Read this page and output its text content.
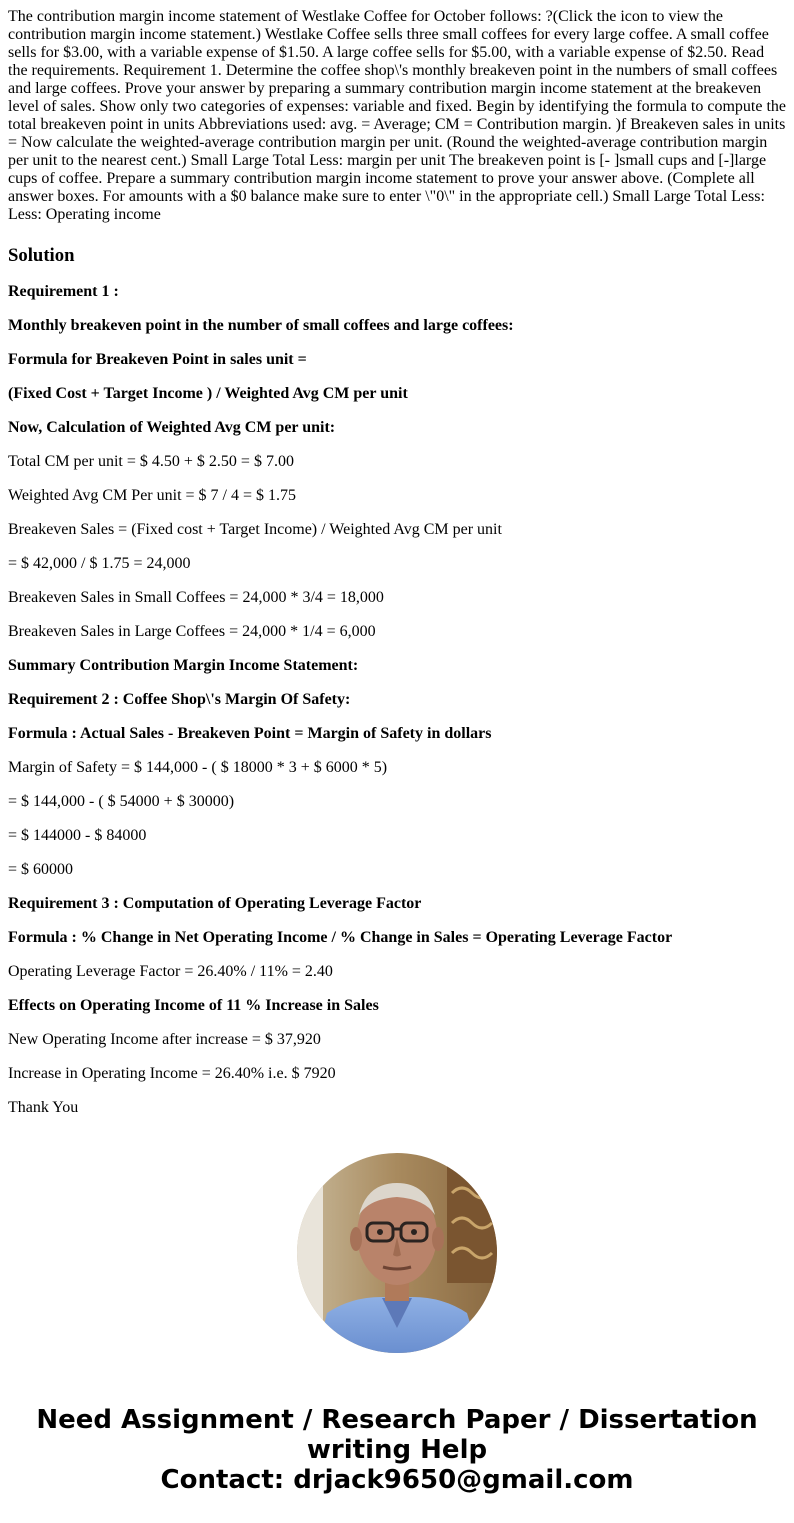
The contribution margin income statement of Westlake Coffee for October follows: ?(Click the icon to view the contribution margin income statement.) Westlake Coffee sells three small coffees for every large coffee. A small coffee sells for $3.00, with a variable expense of $1.50. A large coffee sells for $5.00, with a variable expense of $2.50. Read the requirements. Requirement 1. Determine the coffee shop\'s monthly breakeven point in the numbers of small coffees and large coffees. Prove your answer by preparing a summary contribution margin income statement at the breakeven level of sales. Show only two categories of expenses: variable and fixed. Begin by identifying the formula to compute the total breakeven point in units Abbreviations used: avg. = Average; CM = Contribution margin. )f Breakeven sales in units = Now calculate the weighted-average contribution margin per unit. (Round the weighted-average contribution margin per unit to the nearest cent.) Small Large Total Less: margin per unit The breakeven point is [- ]small cups and [-]large cups of coffee. Prepare a summary contribution margin income statement to prove your answer above. (Complete all answer boxes. For amounts with a $0 balance make sure to enter \"0\" in the appropriate cell.) Small Large Total Less: Less: Operating income

Solution

Requirement 1 :

Monthly breakeven point in the number of small coffees and large coffees:

Formula for Breakeven Point in sales unit =

(Fixed Cost + Target Income ) / Weighted Avg CM per unit

Now, Calculation of Weighted Avg CM per unit:

Total CM per unit = $ 4.50 + $ 2.50 = $ 7.00

Weighted Avg CM Per unit = $ 7 / 4 = $ 1.75

Breakeven Sales = (Fixed cost + Target Income) / Weighted Avg CM per unit

= $ 42,000 / $ 1.75 = 24,000

Breakeven Sales in Small Coffees = 24,000 * 3/4 = 18,000

Breakeven Sales in Large Coffees = 24,000 * 1/4 = 6,000

Summary Contribution Margin Income Statement:

Requirement 2 : Coffee Shop\'s Margin Of Safety:

Formula : Actual Sales - Breakeven Point = Margin of Safety in dollars

Margin of Safety = $ 144,000 - ( $ 18000 * 3 + $ 6000 * 5)

= $ 144,000 - ( $ 54000 + $ 30000)

= $ 144000 - $ 84000

= $ 60000

Requirement 3 : Computation of Operating Leverage Factor

Formula : % Change in Net Operating Income / % Change in Sales = Operating Leverage Factor

Operating Leverage Factor = 26.40% / 11% = 2.40

Effects on Operating Income of 11 % Increase in Sales

New Operating Income after increase = $ 37,920

Increase in Operating Income = 26.40% i.e. $ 7920

Thank You

Need Assignment / Research Paper / Dissertation
writing Help
Contact: drjack9650@gmail.com
